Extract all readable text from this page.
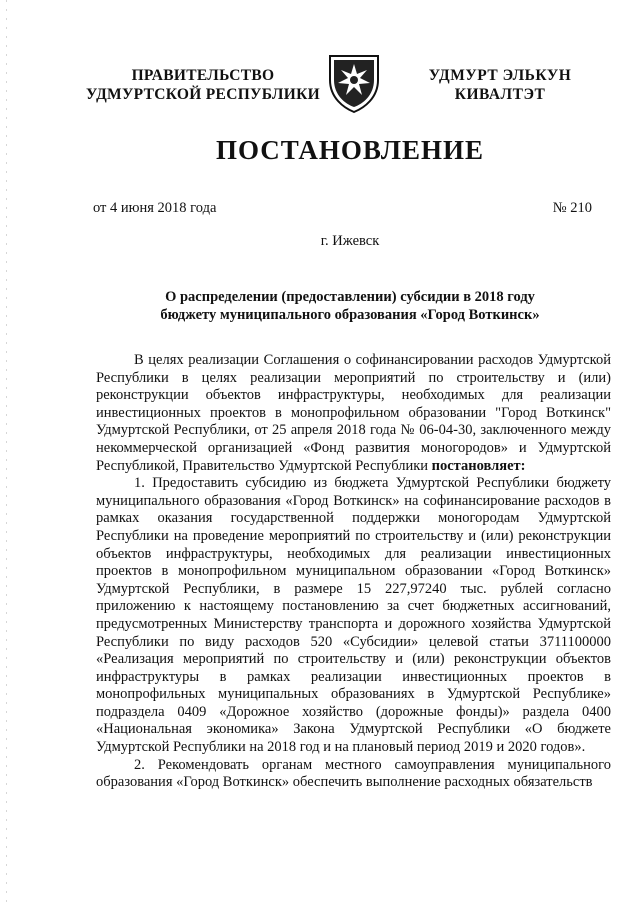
ПРАВИТЕЛЬСТВО
УДМУРТСКОЙ РЕСПУБЛИКИ
УДМУРТ ЭЛЬКУН
КИВАЛТЭТ
ПОСТАНОВЛЕНИЕ
от 4 июня 2018 года	№ 210
г. Ижевск
О распределении (предоставлении) субсидии в 2018 году
бюджету муниципального образования «Город Воткинск»

В целях реализации Соглашения о софинансировании расходов Удмуртской Республики в целях реализации мероприятий по строительству и (или) реконструкции объектов инфраструктуры, необходимых для реализации инвестиционных проектов в монопрофильном образовании "Город Воткинск" Удмуртской Республики, от 25 апреля 2018 года № 06-04-30, заключенного между некоммерческой организацией «Фонд развития моногородов» и Удмуртской Республикой, Правительство Удмуртской Республики постановляет:

1. Предоставить субсидию из бюджета Удмуртской Республики бюджету муниципального образования «Город Воткинск» на софинансирование расходов в рамках оказания государственной поддержки моногородам Удмуртской Республики на проведение мероприятий по строительству и (или) реконструкции объектов инфраструктуры, необходимых для реализации инвестиционных проектов в монопрофильном муниципальном образовании «Город Воткинск» Удмуртской Республики, в размере 15 227,97240 тыс. рублей согласно приложению к настоящему постановлению за счет бюджетных ассигнований, предусмотренных Министерству транспорта и дорожного хозяйства Удмуртской Республики по виду расходов 520 «Субсидии» целевой статьи 3711100000 «Реализация мероприятий по строительству и (или) реконструкции объектов инфраструктуры в рамках реализации инвестиционных проектов в монопрофильных муниципальных образованиях в Удмуртской Республике» подраздела 0409 «Дорожное хозяйство (дорожные фонды)» раздела 0400 «Национальная экономика» Закона Удмуртской Республики «О бюджете Удмуртской Республики на 2018 год и на плановый период 2019 и 2020 годов».

2. Рекомендовать органам местного самоуправления муниципального образования «Город Воткинск» обеспечить выполнение расходных обязательств
